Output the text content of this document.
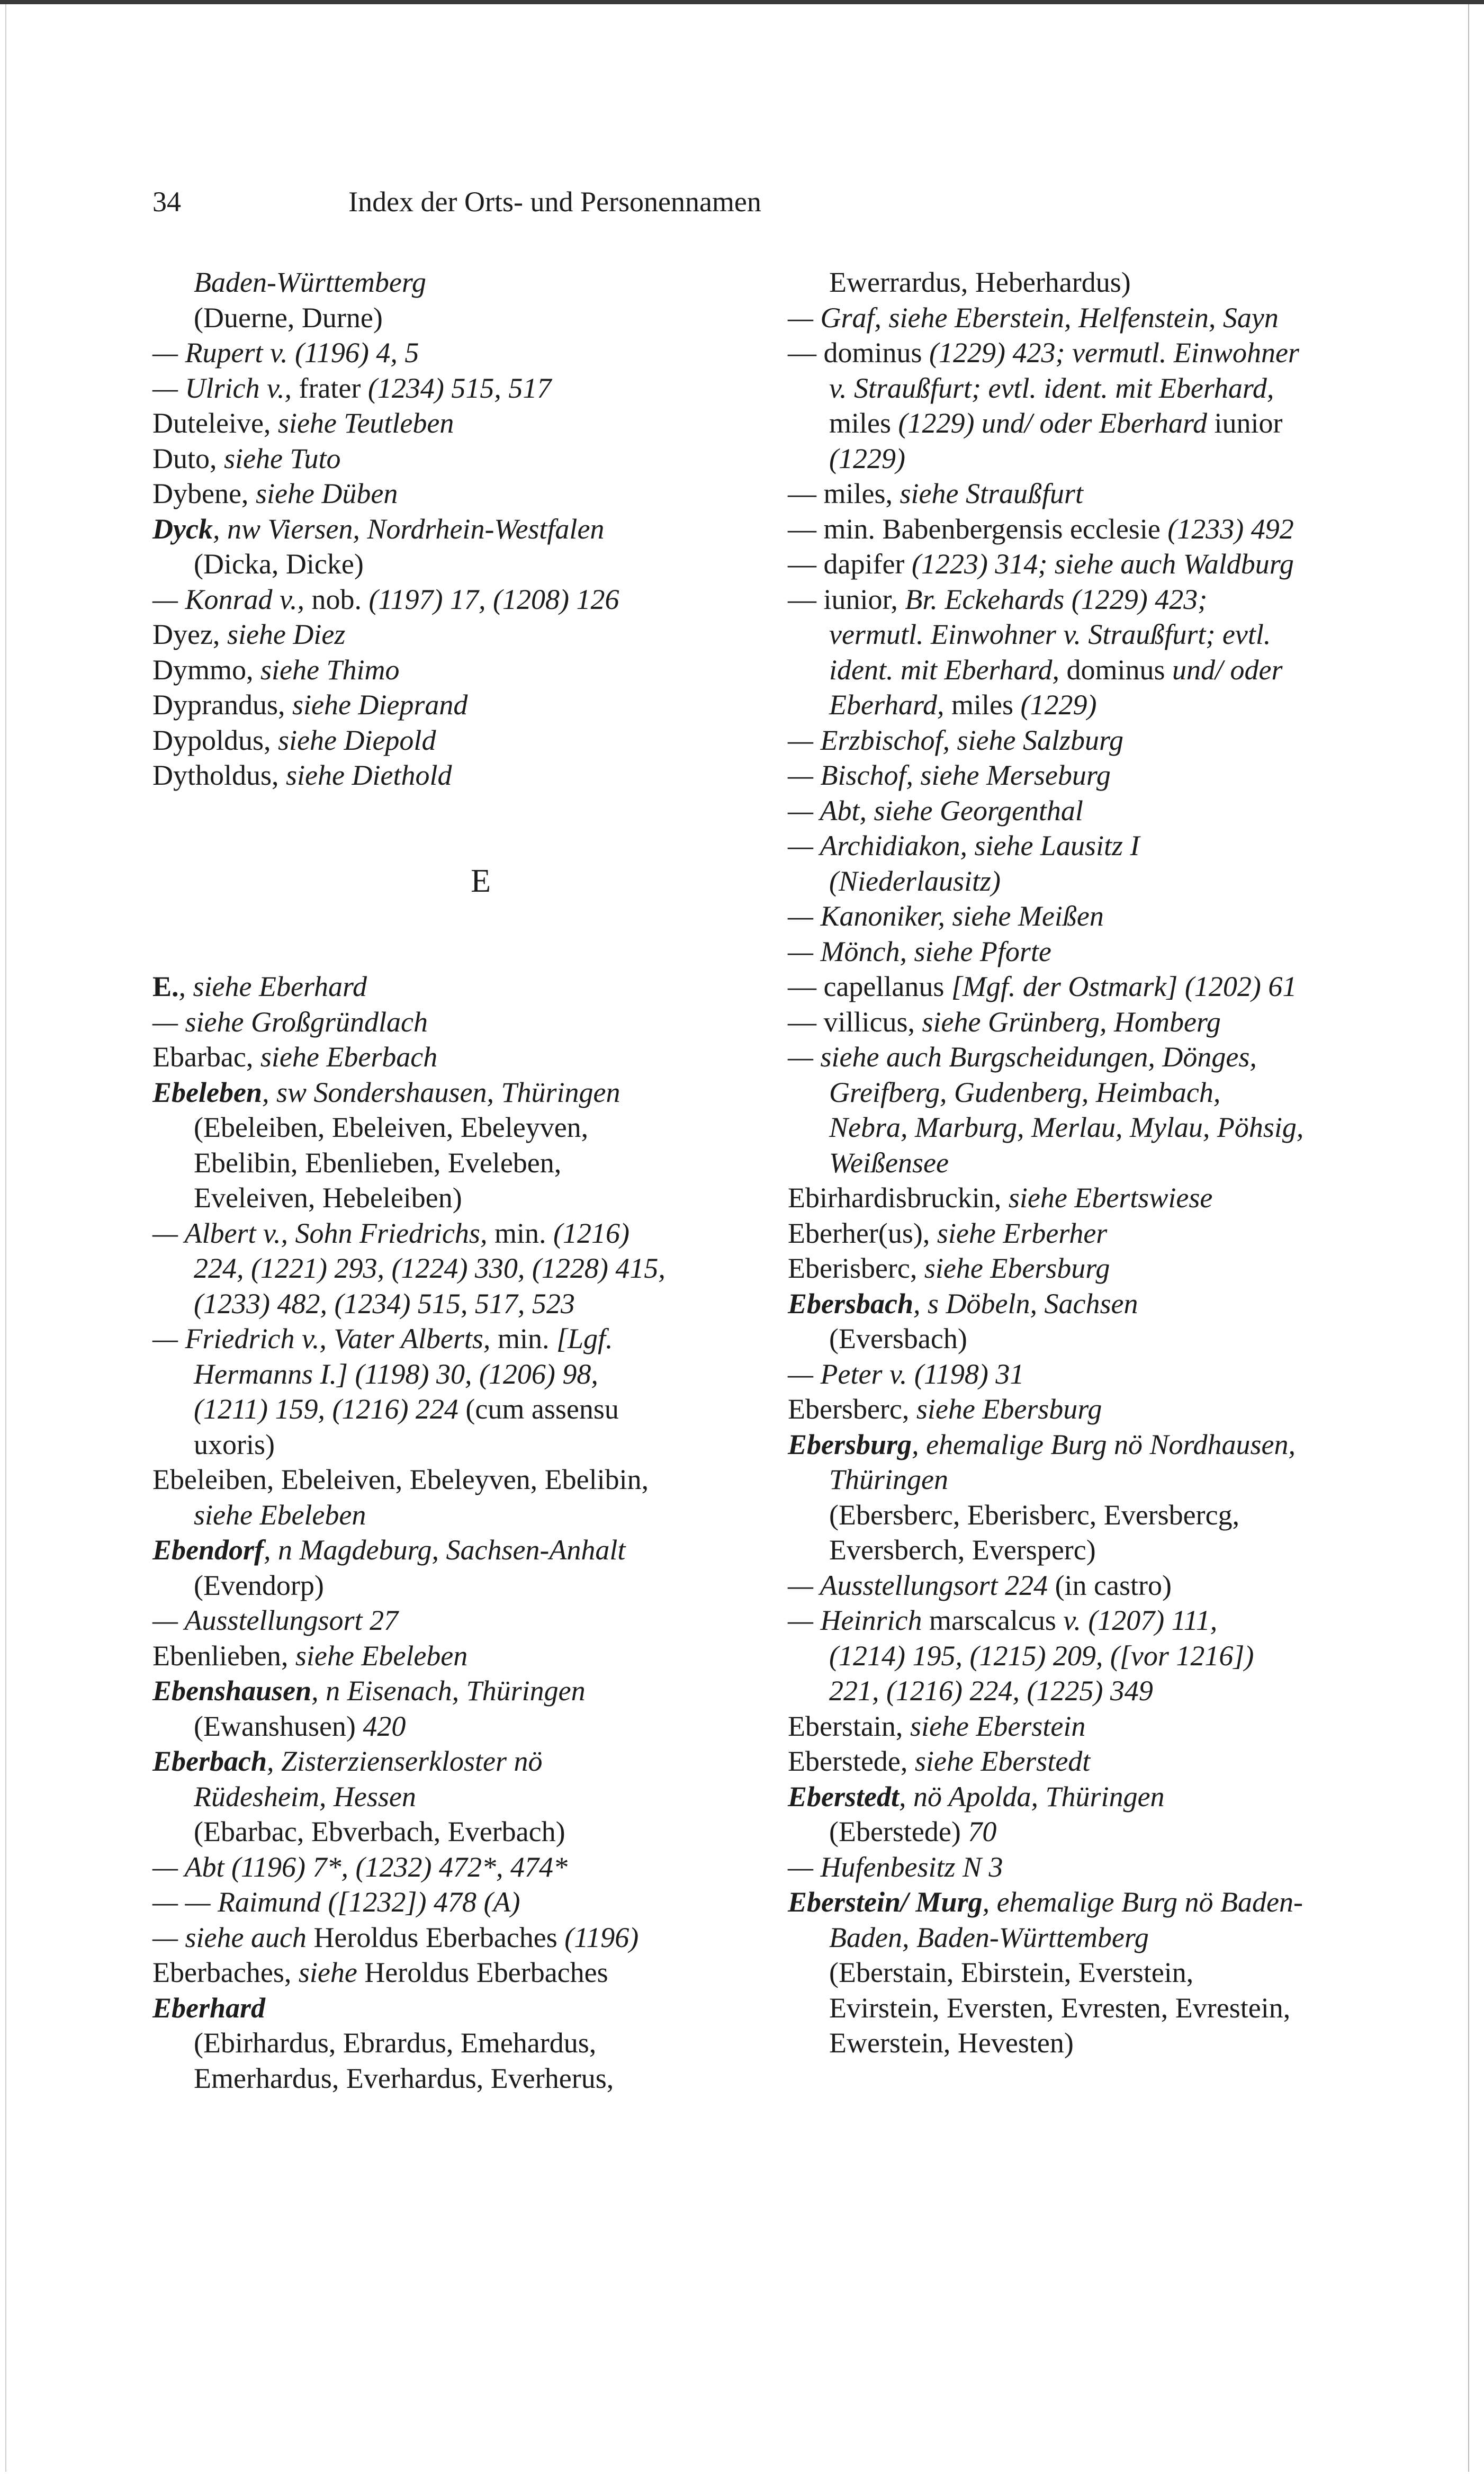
34	Index der Orts- und Personennamen
Baden-Württemberg
(Duerne, Durne)
— Rupert v. (1196) 4, 5
— Ulrich v., frater (1234) 515, 517
Duteleive, siehe Teutleben
Duto, siehe Tuto
Dybene, siehe Düben
Dyck, nw Viersen, Nordrhein-Westfalen
(Dicka, Dicke)
— Konrad v., nob. (1197) 17, (1208) 126
Dyez, siehe Diez
Dymmo, siehe Thimo
Dyprandus, siehe Dieprand
Dypoldus, siehe Diepold
Dytholdus, siehe Diethold
E
E., siehe Eberhard
— siehe Großgründlach
Ebarbac, siehe Eberbach
Ebeleben, sw Sondershausen, Thüringen
(Ebeleiben, Ebeleiven, Ebeleyven,
Ebelibin, Ebenlieben, Eveleben,
Eveleiven, Hebeleiben)
— Albert v., Sohn Friedrichs, min. (1216)
224, (1221) 293, (1224) 330, (1228) 415,
(1233) 482, (1234) 515, 517, 523
— Friedrich v., Vater Alberts, min. [Lgf.
Hermanns I.] (1198) 30, (1206) 98,
(1211) 159, (1216) 224 (cum assensu
uxoris)
Ebeleiben, Ebeleiven, Ebeleyven, Ebelibin,
siehe Ebeleben
Ebendorf, n Magdeburg, Sachsen-Anhalt
(Evendorp)
— Ausstellungsort 27
Ebenlieben, siehe Ebeleben
Ebenshausen, n Eisenach, Thüringen
(Ewanshusen) 420
Eberbach, Zisterzienserkloster nö
Rüdesheim, Hessen
(Ebarbac, Ebverbach, Everbach)
— Abt (1196) 7*, (1232) 472*, 474*
— — Raimund ([1232]) 478 (A)
— siehe auch Heroldus Eberbaches (1196)
Eberbaches, siehe Heroldus Eberbaches
Eberhard
(Ebirhardus, Ebrardus, Emehardus,
Emerhardus, Everhardus, Everherus,
Ewerrardus, Heberhardus)
— Graf, siehe Eberstein, Helfenstein, Sayn
— dominus (1229) 423; vermutl. Einwohner
v. Straußfurt; evtl. ident. mit Eberhard,
miles (1229) und/ oder Eberhard iunior
(1229)
— miles, siehe Straußfurt
— min. Babenbergensis ecclesie (1233) 492
— dapifer (1223) 314; siehe auch Waldburg
— iunior, Br. Eckehards (1229) 423;
vermutl. Einwohner v. Straußfurt; evtl.
ident. mit Eberhard, dominus und/ oder
Eberhard, miles (1229)
— Erzbischof, siehe Salzburg
— Bischof, siehe Merseburg
— Abt, siehe Georgenthal
— Archidiakon, siehe Lausitz I
(Niederlausitz)
— Kanoniker, siehe Meißen
— Mönch, siehe Pforte
— capellanus [Mgf. der Ostmark] (1202) 61
— villicus, siehe Grünberg, Homberg
— siehe auch Burgscheidungen, Dönges,
Greifberg, Gudenberg, Heimbach,
Nebra, Marburg, Merlau, Mylau, Pöhsig,
Weißensee
Ebirhardisbruckin, siehe Ebertswiese
Eberher(us), siehe Erberher
Eberisberc, siehe Ebersburg
Ebersbach, s Döbeln, Sachsen
(Eversbach)
— Peter v. (1198) 31
Ebersberc, siehe Ebersburg
Ebersburg, ehemalige Burg nö Nordhausen,
Thüringen
(Ebersberc, Eberisberc, Eversbercg,
Eversberch, Eversperc)
— Ausstellungsort 224 (in castro)
— Heinrich marscalcus v. (1207) 111,
(1214) 195, (1215) 209, ([vor 1216])
221, (1216) 224, (1225) 349
Eberstain, siehe Eberstein
Eberstede, siehe Eberstedt
Eberstedt, nö Apolda, Thüringen
(Eberstede) 70
— Hufenbesitz N 3
Eberstein/ Murg, ehemalige Burg nö Baden-
Baden, Baden-Württemberg
(Eberstain, Ebirstein, Everstein,
Evirstein, Eversten, Evresten, Evrestein,
Ewerstein, Hevesten)
